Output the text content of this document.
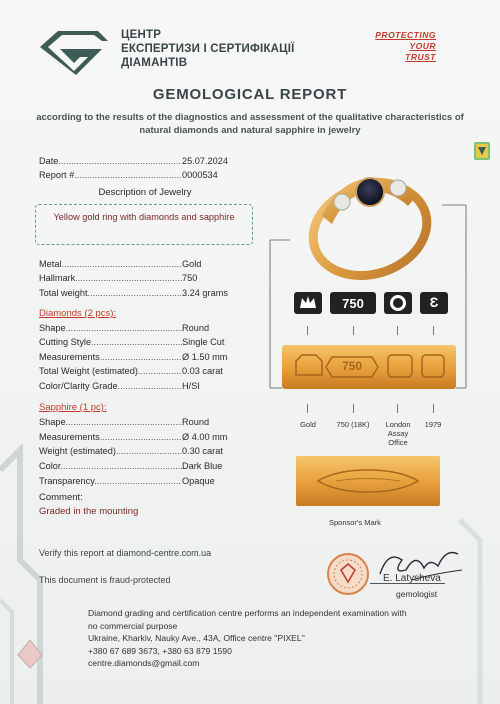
ЦЕНТР
ЕКСПЕРТИЗИ І СЕРТИФІКАЦІЇ
ДІАМАНТІВ
PROTECTING
YOUR
TRUST
GEMOLOGICAL REPORT
according to the results of the diagnostics and assessment of the qualitative characteristics of natural diamonds and natural sapphire in jewelry
Date .....	25.07.2024
Report # .....	0000534
Description of Jewelry
Yellow gold ring with diamonds and sapphire
Metal .....	Gold
Hallmark .....	750
Total weight .....	3.24 grams
Diamonds (2 pcs):
Shape .....	Round
Cutting Style .....	Single Cut
Measurements .....	Ø 1.50 mm
Total Weight (estimated) .....	0.03 carat
Color/Clarity Grade .....	H/SI
Sapphire (1 pc):
Shape .....	Round
Measurements .....	Ø 4.00 mm
Weight (estimated) .....	0.30 carat
Color .....	Dark Blue
Transparency .....	Opaque
Comment:
Graded in the mounting
750	Ɛ
750
Gold	750 (18K)	London Assay Office
1979
Sponsor's Mark
Verify this report at diamond-centre.com.ua
This document is fraud-protected	E. Latysheva
gemologist
Diamond grading and certification centre performs an independent examination with no commercial purpose
Ukraine, Kharkiv, Nauky Ave., 43A, Office centre "PIXEL"
+380 67 689 3673, +380 63 879 1590
centre.diamonds@gmail.com
